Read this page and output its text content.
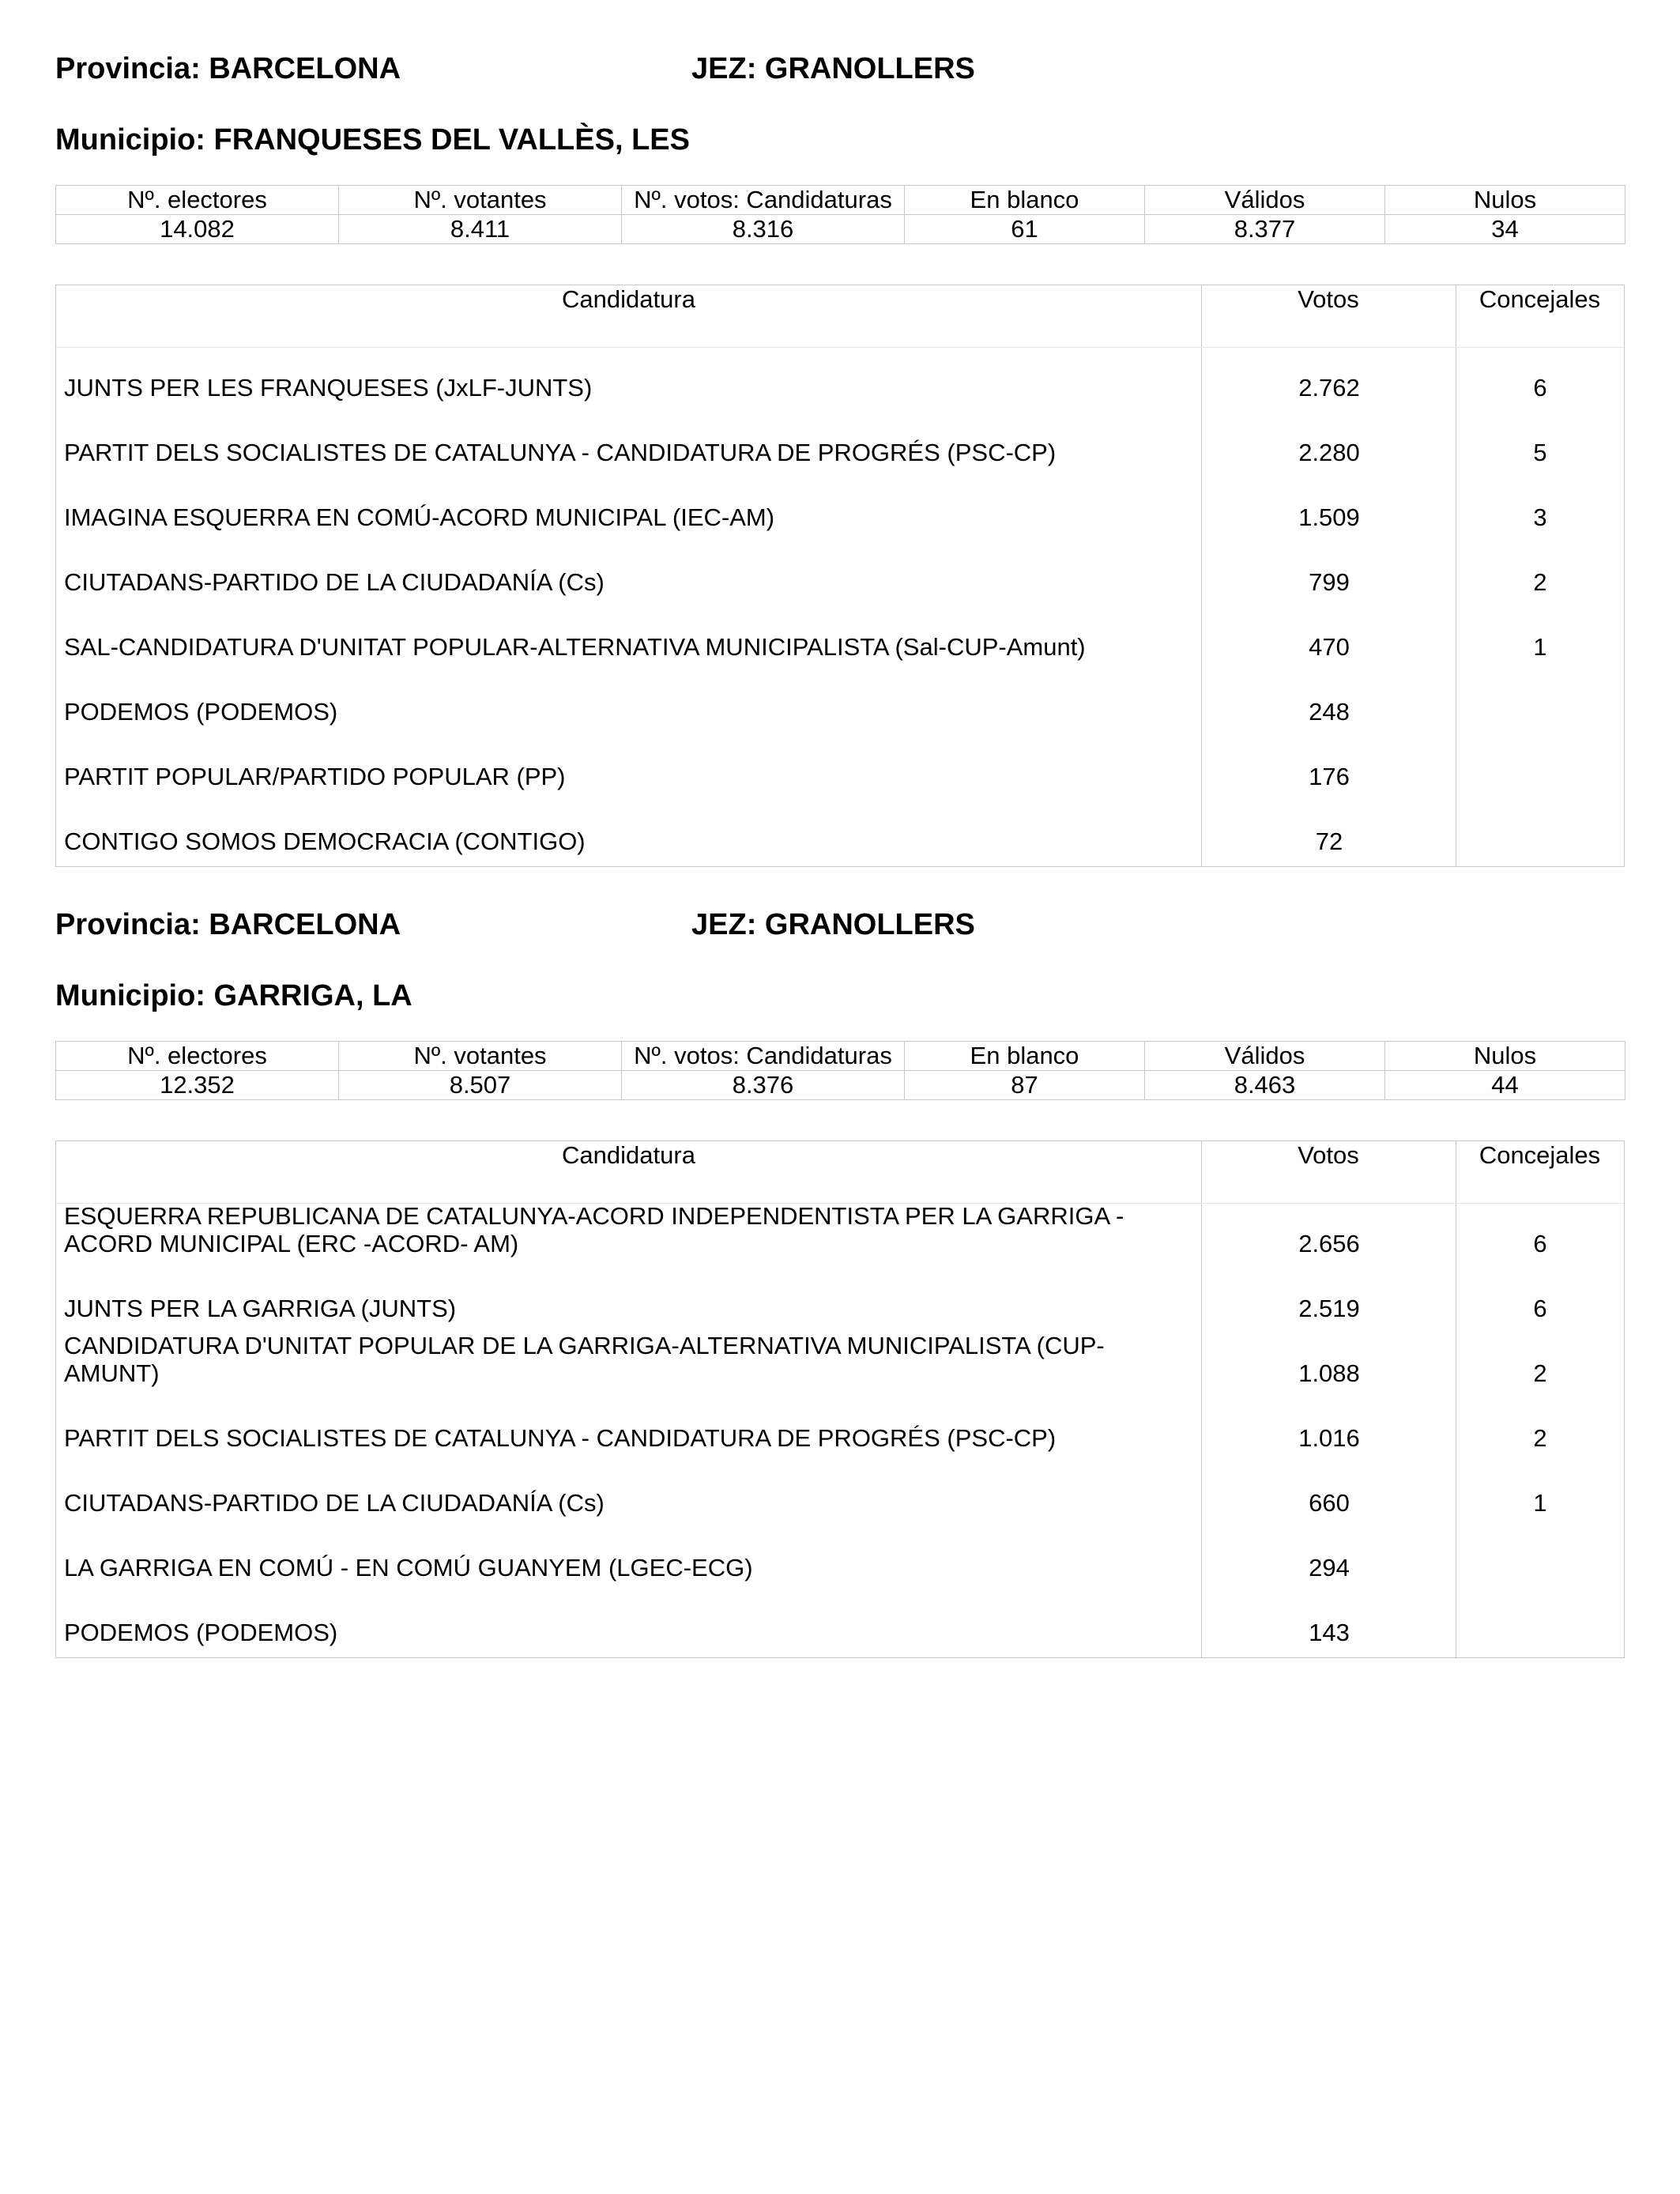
Provincia: BARCELONA	JEZ: GRANOLLERS
Municipio: FRANQUESES DEL VALLÈS, LES
Nº. electores	Nº. votantes	Nº. votos: Candidaturas	En blanco	Válidos	Nulos
14.082	8.411	8.316	61	8.377	34
Candidatura	Votos	Concejales
JUNTS PER LES FRANQUESES (JxLF-JUNTS)	2.762	6
PARTIT DELS SOCIALISTES DE CATALUNYA - CANDIDATURA DE PROGRÉS (PSC-CP)	2.280	5
IMAGINA ESQUERRA EN COMÚ-ACORD MUNICIPAL (IEC-AM)	1.509	3
CIUTADANS-PARTIDO DE LA CIUDADANÍA (Cs)	799	2
SAL-CANDIDATURA D'UNITAT POPULAR-ALTERNATIVA MUNICIPALISTA (Sal-CUP-Amunt)	470	1
PODEMOS (PODEMOS)	248
PARTIT POPULAR/PARTIDO POPULAR (PP)	176
CONTIGO SOMOS DEMOCRACIA (CONTIGO)	72
Provincia: BARCELONA	JEZ: GRANOLLERS
Municipio: GARRIGA, LA
Nº. electores	Nº. votantes	Nº. votos: Candidaturas	En blanco	Válidos	Nulos
12.352	8.507	8.376	87	8.463	44
Candidatura	Votos	Concejales
ESQUERRA REPUBLICANA DE CATALUNYA-ACORD INDEPENDENTISTA PER LA GARRIGA - ACORD MUNICIPAL (ERC -ACORD- AM)	2.656	6
JUNTS PER LA GARRIGA (JUNTS)	2.519	6
CANDIDATURA D'UNITAT POPULAR DE LA GARRIGA-ALTERNATIVA MUNICIPALISTA (CUP-AMUNT)	1.088	2
PARTIT DELS SOCIALISTES DE CATALUNYA - CANDIDATURA DE PROGRÉS (PSC-CP)	1.016	2
CIUTADANS-PARTIDO DE LA CIUDADANÍA (Cs)	660	1
LA GARRIGA EN COMÚ - EN COMÚ GUANYEM (LGEC-ECG)	294
PODEMOS (PODEMOS)	143
